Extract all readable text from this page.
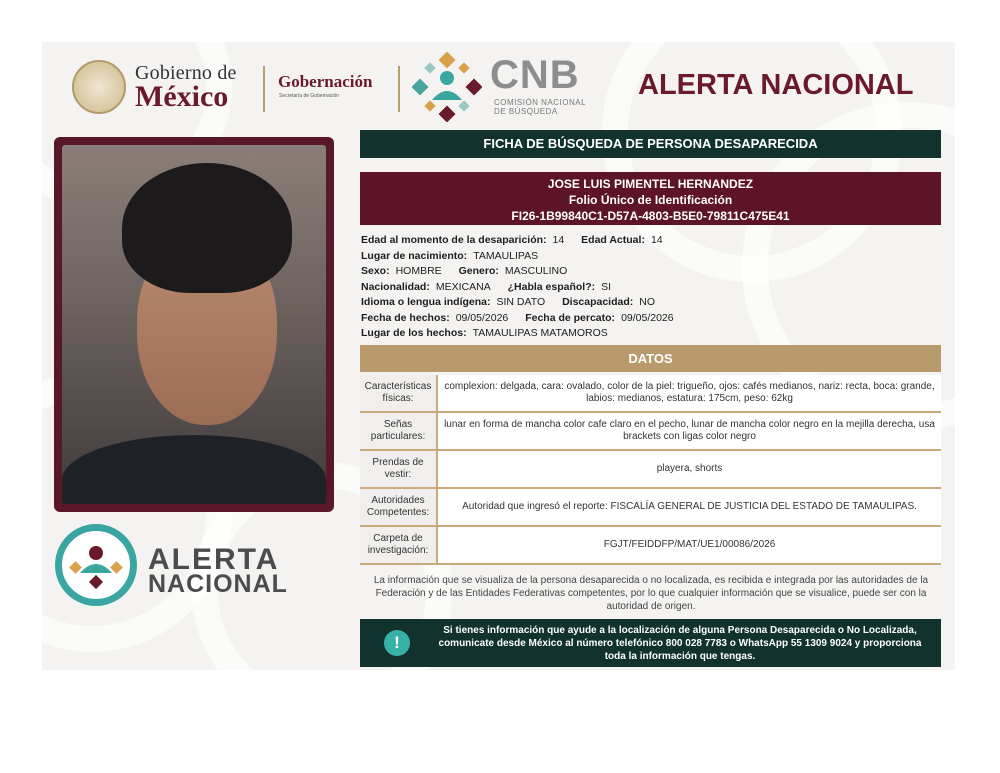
Gobierno de
México	Gobernación
Secretaría de Gobernación	CNB
COMISIÓN NACIONAL
DE BÚSQUEDA
ALERTA NACIONAL
ALERTA
NACIONAL
FICHA DE BÚSQUEDA DE PERSONA DESAPARECIDA
JOSE LUIS PIMENTEL HERNANDEZ
Folio Único de Identificación
FI26-1B99840C1-D57A-4803-B5E0-79811C475E41
Edad al momento de la desaparición: 14 Edad Actual: 14
Lugar de nacimiento: TAMAULIPAS
Sexo: HOMBRE Genero: MASCULINO
Nacionalidad: MEXICANA ¿Habla español?: SI
Idioma o lengua indígena: SIN DATO Discapacidad: NO
Fecha de hechos: 09/05/2026 Fecha de percato: 09/05/2026
Lugar de los hechos: TAMAULIPAS MATAMOROS
DATOS
Características físicas:
complexion: delgada, cara: ovalado, color de la piel: trigueño, ojos: cafés medianos, nariz: recta, boca: grande, labios: medianos, estatura: 175cm, peso: 62kg
Señas particulares:
lunar en forma de mancha color cafe claro en el pecho, lunar de mancha color negro en la mejilla derecha, usa brackets con ligas color negro
Prendas de vestir:
playera, shorts
Autoridades Competentes:
Autoridad que ingresó el reporte: FISCALÍA GENERAL DE JUSTICIA DEL ESTADO DE TAMAULIPAS.
Carpeta de investigación:
FGJT/FEIDDFP/MAT/UE1/00086/2026
La información que se visualiza de la persona desaparecida o no localizada, es recibida e integrada por las autoridades de la Federación y de las Entidades Federativas competentes, por lo que cualquier información que se visualice, puede ser con la autoridad de origen.
!
Si tienes información que ayude a la localización de alguna Persona Desaparecida o No Localizada, comunicate desde México al número telefónico 800 028 7783 o WhatsApp 55 1309 9024 y proporciona toda la información que tengas.
